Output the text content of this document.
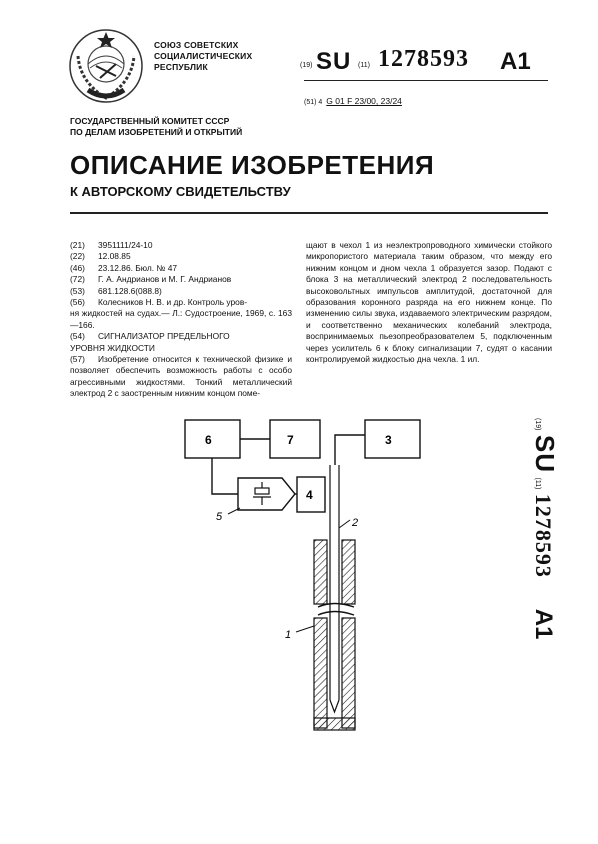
СОЮЗ СОВЕТСКИХ
СОЦИАЛИСТИЧЕСКИХ
РЕСПУБЛИК	(19) SU (11) 1278593 A1
(51) 4 G 01 F 23/00, 23/24
ГОСУДАРСТВЕННЫЙ КОМИТЕТ СССР
ПО ДЕЛАМ ИЗОБРЕТЕНИЙ И ОТКРЫТИЙ
ОПИСАНИЕ ИЗОБРЕТЕНИЯ
К АВТОРСКОМУ СВИДЕТЕЛЬСТВУ
(21) 3951111/24-10
(22) 12.08.85
(46) 23.12.86. Бюл. № 47
(72) Г. А. Андрианов и М. Г. Андрианов
(53) 681.128.6(088.8)
(56) Колесников Н. В. и др. Контроль уров-
ня жидкостей на судах.— Л.: Судостроение, 1969, с. 163—166.
(54) СИГНАЛИЗАТОР ПРЕДЕЛЬНОГО
УРОВНЯ ЖИДКОСТИ
(57) Изобретение относится к технической физике и позволяет обеспечить возможность работы с особо агрессивными жидкостями. Тонкий металлический электрод 2 с заостренным нижним концом поме-
щают в чехол 1 из неэлектропроводного химически стойкого микропористого материала таким образом, что между его нижним концом и дном чехла 1 образуется зазор. Подают с блока 3 на металлический электрод 2 последовательность высоковольтных импульсов амплитудой, достаточной для образования коронного разряда на его нижнем конце. По изменению силы звука, издаваемого электрическим разрядом, и соответственно механических колебаний электрода, воспринимаемых пьезопреобразователем 5, подключенным через усилитель 6 к блоку сигнализации 7, судят о касании контролируемой жидкостью дна чехла. 1 ил.
(19) SU (11) 1278593  A1
6	7	3
4
5	2
1
